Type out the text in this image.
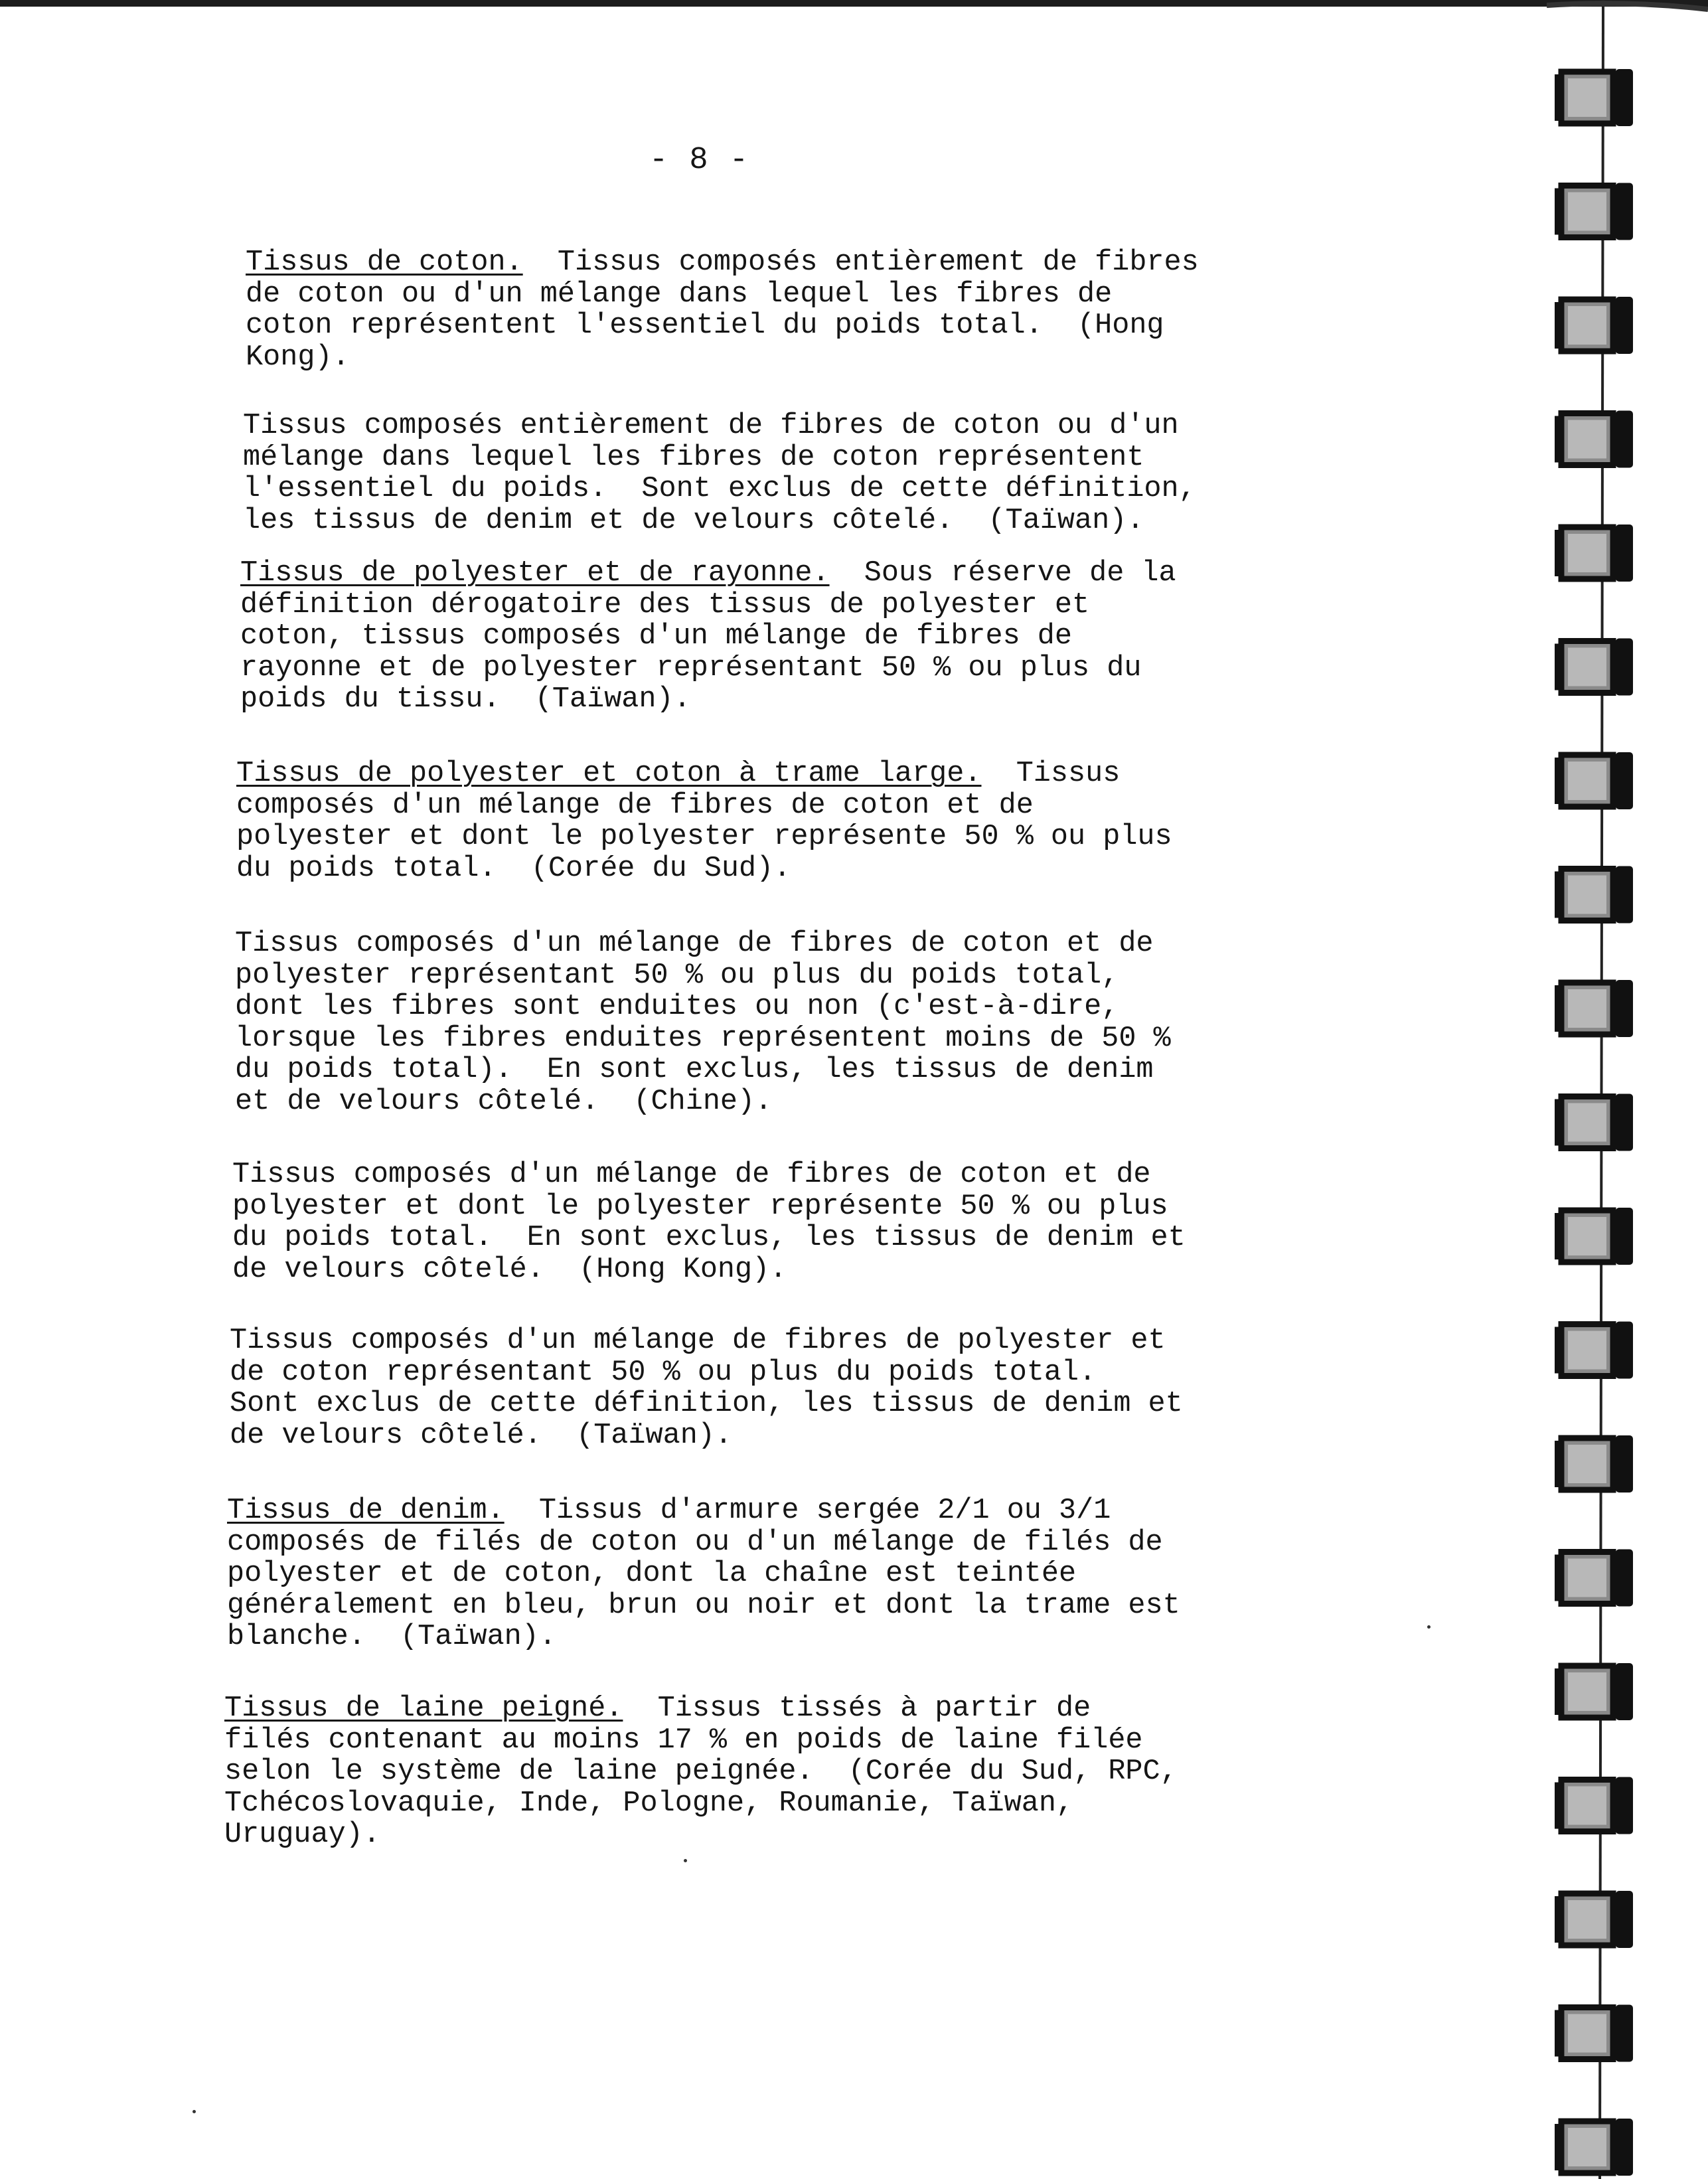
- 8 -

Tissus de coton.  Tissus composés entièrement de fibres
de coton ou d'un mélange dans lequel les fibres de
coton représentent l'essentiel du poids total.  (Hong
Kong).

Tissus composés entièrement de fibres de coton ou d'un
mélange dans lequel les fibres de coton représentent
l'essentiel du poids.  Sont exclus de cette définition,
les tissus de denim et de velours côtelé.  (Taïwan).

Tissus de polyester et de rayonne.  Sous réserve de la
définition dérogatoire des tissus de polyester et
coton, tissus composés d'un mélange de fibres de
rayonne et de polyester représentant 50 % ou plus du
poids du tissu.  (Taïwan).

Tissus de polyester et coton à trame large.  Tissus
composés d'un mélange de fibres de coton et de
polyester et dont le polyester représente 50 % ou plus
du poids total.  (Corée du Sud).

Tissus composés d'un mélange de fibres de coton et de
polyester représentant 50 % ou plus du poids total,
dont les fibres sont enduites ou non (c'est-à-dire,
lorsque les fibres enduites représentent moins de 50 %
du poids total).  En sont exclus, les tissus de denim
et de velours côtelé.  (Chine).

Tissus composés d'un mélange de fibres de coton et de
polyester et dont le polyester représente 50 % ou plus
du poids total.  En sont exclus, les tissus de denim et
de velours côtelé.  (Hong Kong).

Tissus composés d'un mélange de fibres de polyester et
de coton représentant 50 % ou plus du poids total.
Sont exclus de cette définition, les tissus de denim et
de velours côtelé.  (Taïwan).

Tissus de denim.  Tissus d'armure sergée 2/1 ou 3/1
composés de filés de coton ou d'un mélange de filés de
polyester et de coton, dont la chaîne est teintée
généralement en bleu, brun ou noir et dont la trame est
blanche.  (Taïwan).

Tissus de laine peigné.  Tissus tissés à partir de
filés contenant au moins 17 % en poids de laine filée
selon le système de laine peignée.  (Corée du Sud, RPC,
Tchécoslovaquie, Inde, Pologne, Roumanie, Taïwan,
Uruguay).
